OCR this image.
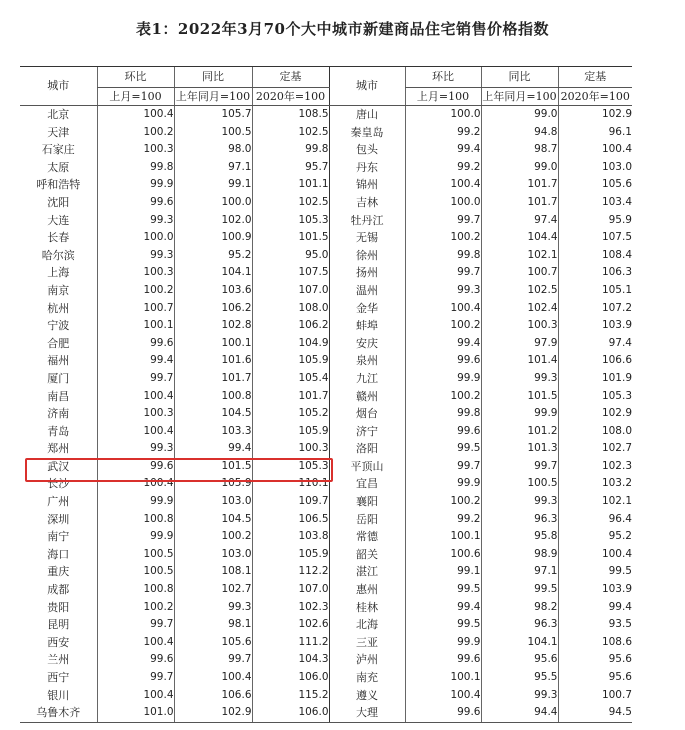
表1：2022年3月70个大中城市新建商品住宅销售价格指数
城市	环比	同比	定基	城市	环比	同比	定基
	上月=100	上年同月=100	2020年=100		上月=100	上年同月=100	2020年=100
北京	100.4	105.7	108.5	唐山	100.0	99.0	102.9
天津	100.2	100.5	102.5	秦皇岛	99.2	94.8	96.1
石家庄	100.3	98.0	99.8	包头	99.4	98.7	100.4
太原	99.8	97.1	95.7	丹东	99.2	99.0	103.0
呼和浩特	99.9	99.1	101.1	锦州	100.4	101.7	105.6
沈阳	99.6	100.0	102.5	吉林	100.0	101.7	103.4
大连	99.3	102.0	105.3	牡丹江	99.7	97.4	95.9
长春	100.0	100.9	101.5	无锡	100.2	104.4	107.5
哈尔滨	99.3	95.2	95.0	徐州	99.8	102.1	108.4
上海	100.3	104.1	107.5	扬州	99.7	100.7	106.3
南京	100.2	103.6	107.0	温州	99.3	102.5	105.1
杭州	100.7	106.2	108.0	金华	100.4	102.4	107.2
宁波	100.1	102.8	106.2	蚌埠	100.2	100.3	103.9
合肥	99.6	100.1	104.9	安庆	99.4	97.9	97.4
福州	99.4	101.6	105.9	泉州	99.6	101.4	106.6
厦门	99.7	101.7	105.4	九江	99.9	99.3	101.9
南昌	100.4	100.8	101.7	赣州	100.2	101.5	105.3
济南	100.3	104.5	105.2	烟台	99.8	99.9	102.9
青岛	100.4	103.3	105.9	济宁	99.6	101.2	108.0
郑州	99.3	99.4	100.3	洛阳	99.5	101.3	102.7
武汉	99.6	101.5	105.3	平顶山	99.7	99.7	102.3
长沙	100.4	105.9	110.1	宜昌	99.9	100.5	103.2
广州	99.9	103.0	109.7	襄阳	100.2	99.3	102.1
深圳	100.8	104.5	106.5	岳阳	99.2	96.3	96.4
南宁	99.9	100.2	103.8	常德	100.1	95.8	95.2
海口	100.5	103.0	105.9	韶关	100.6	98.9	100.4
重庆	100.5	108.1	112.2	湛江	99.1	97.1	99.5
成都	100.8	102.7	107.0	惠州	99.5	99.5	103.9
贵阳	100.2	99.3	102.3	桂林	99.4	98.2	99.4
昆明	99.7	98.1	102.6	北海	99.5	96.3	93.5
西安	100.4	105.6	111.2	三亚	99.9	104.1	108.6
兰州	99.6	99.7	104.3	泸州	99.6	95.6	95.6
西宁	99.7	100.4	106.0	南充	100.1	95.5	95.6
银川	100.4	106.6	115.2	遵义	100.4	99.3	100.7
乌鲁木齐	101.0	102.9	106.0	大理	99.6	94.4	94.5
